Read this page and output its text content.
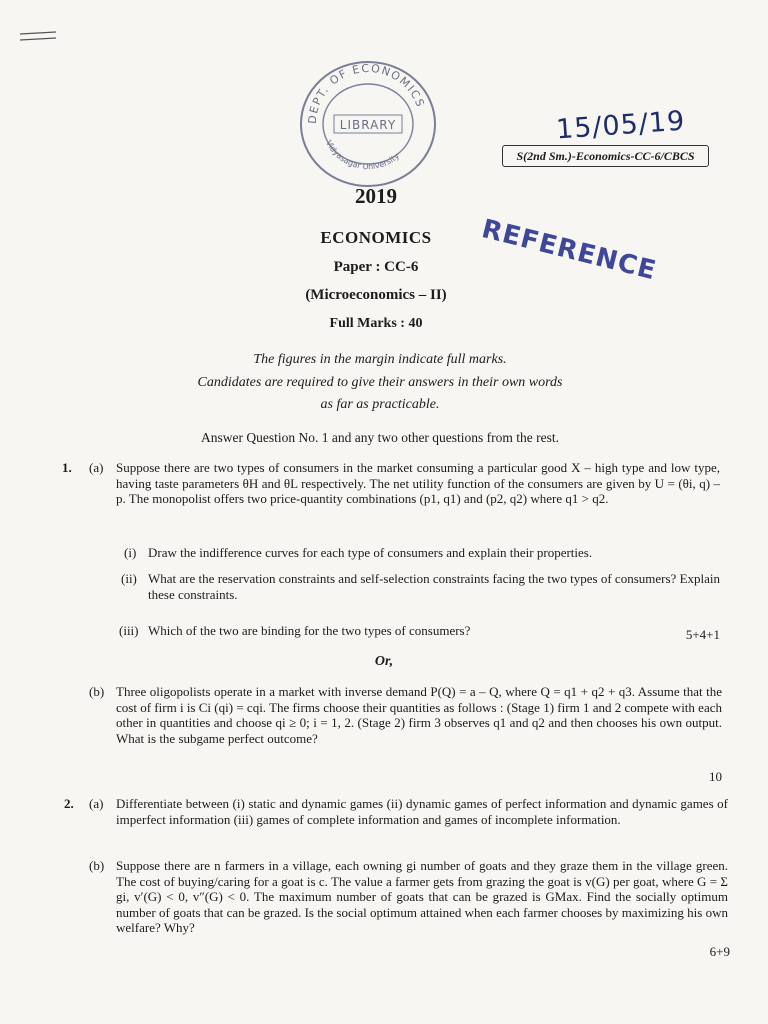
DEPT. OF ECONOMICS
Vidyasagar University
LIBRARY	15/05/19
S(2nd Sm.)-Economics-CC-6/CBCS
REFERENCE
2019
ECONOMICS
Paper : CC-6
(Microeconomics – II)
Full Marks : 40
The figures in the margin indicate full marks.
Candidates are required to give their answers in their own words
as far as practicable.
Answer Question No. 1 and any two other questions from the rest.
1. (a) Suppose there are two types of consumers in the market consuming a particular good X – high type and low type, having taste parameters θH and θL respectively. The net utility function of the consumers are given by U = (θi, q) – p. The monopolist offers two price-quantity combinations (p1, q1) and (p2, q2) where q1 > q2.
(i) Draw the indifference curves for each type of consumers and explain their properties.
(ii) What are the reservation constraints and self-selection constraints facing the two types of consumers? Explain these constraints.
(iii) Which of the two are binding for the two types of consumers?	5+4+1
Or,
(b) Three oligopolists operate in a market with inverse demand P(Q) = a – Q, where Q = q1 + q2 + q3. Assume that the cost of firm i is Ci (qi) = cqi. The firms choose their quantities as follows : (Stage 1) firm 1 and 2 compete with each other in quantities and choose qi ≥ 0; i = 1, 2. (Stage 2) firm 3 observes q1 and q2 and then chooses his own output. What is the subgame perfect outcome?
10
2. (a) Differentiate between (i) static and dynamic games (ii) dynamic games of perfect information and dynamic games of imperfect information (iii) games of complete information and games of incomplete information.
(b) Suppose there are n farmers in a village, each owning gi number of goats and they graze them in the village green. The cost of buying/caring for a goat is c. The value a farmer gets from grazing the goat is v(G) per goat, where G = Σ gi, v′(G) < 0, v″(G) < 0. The maximum number of goats that can be grazed is GMax. Find the socially optimum number of goats that can be grazed. Is the social optimum attained when each farmer chooses by maximizing his own welfare? Why?
6+9
